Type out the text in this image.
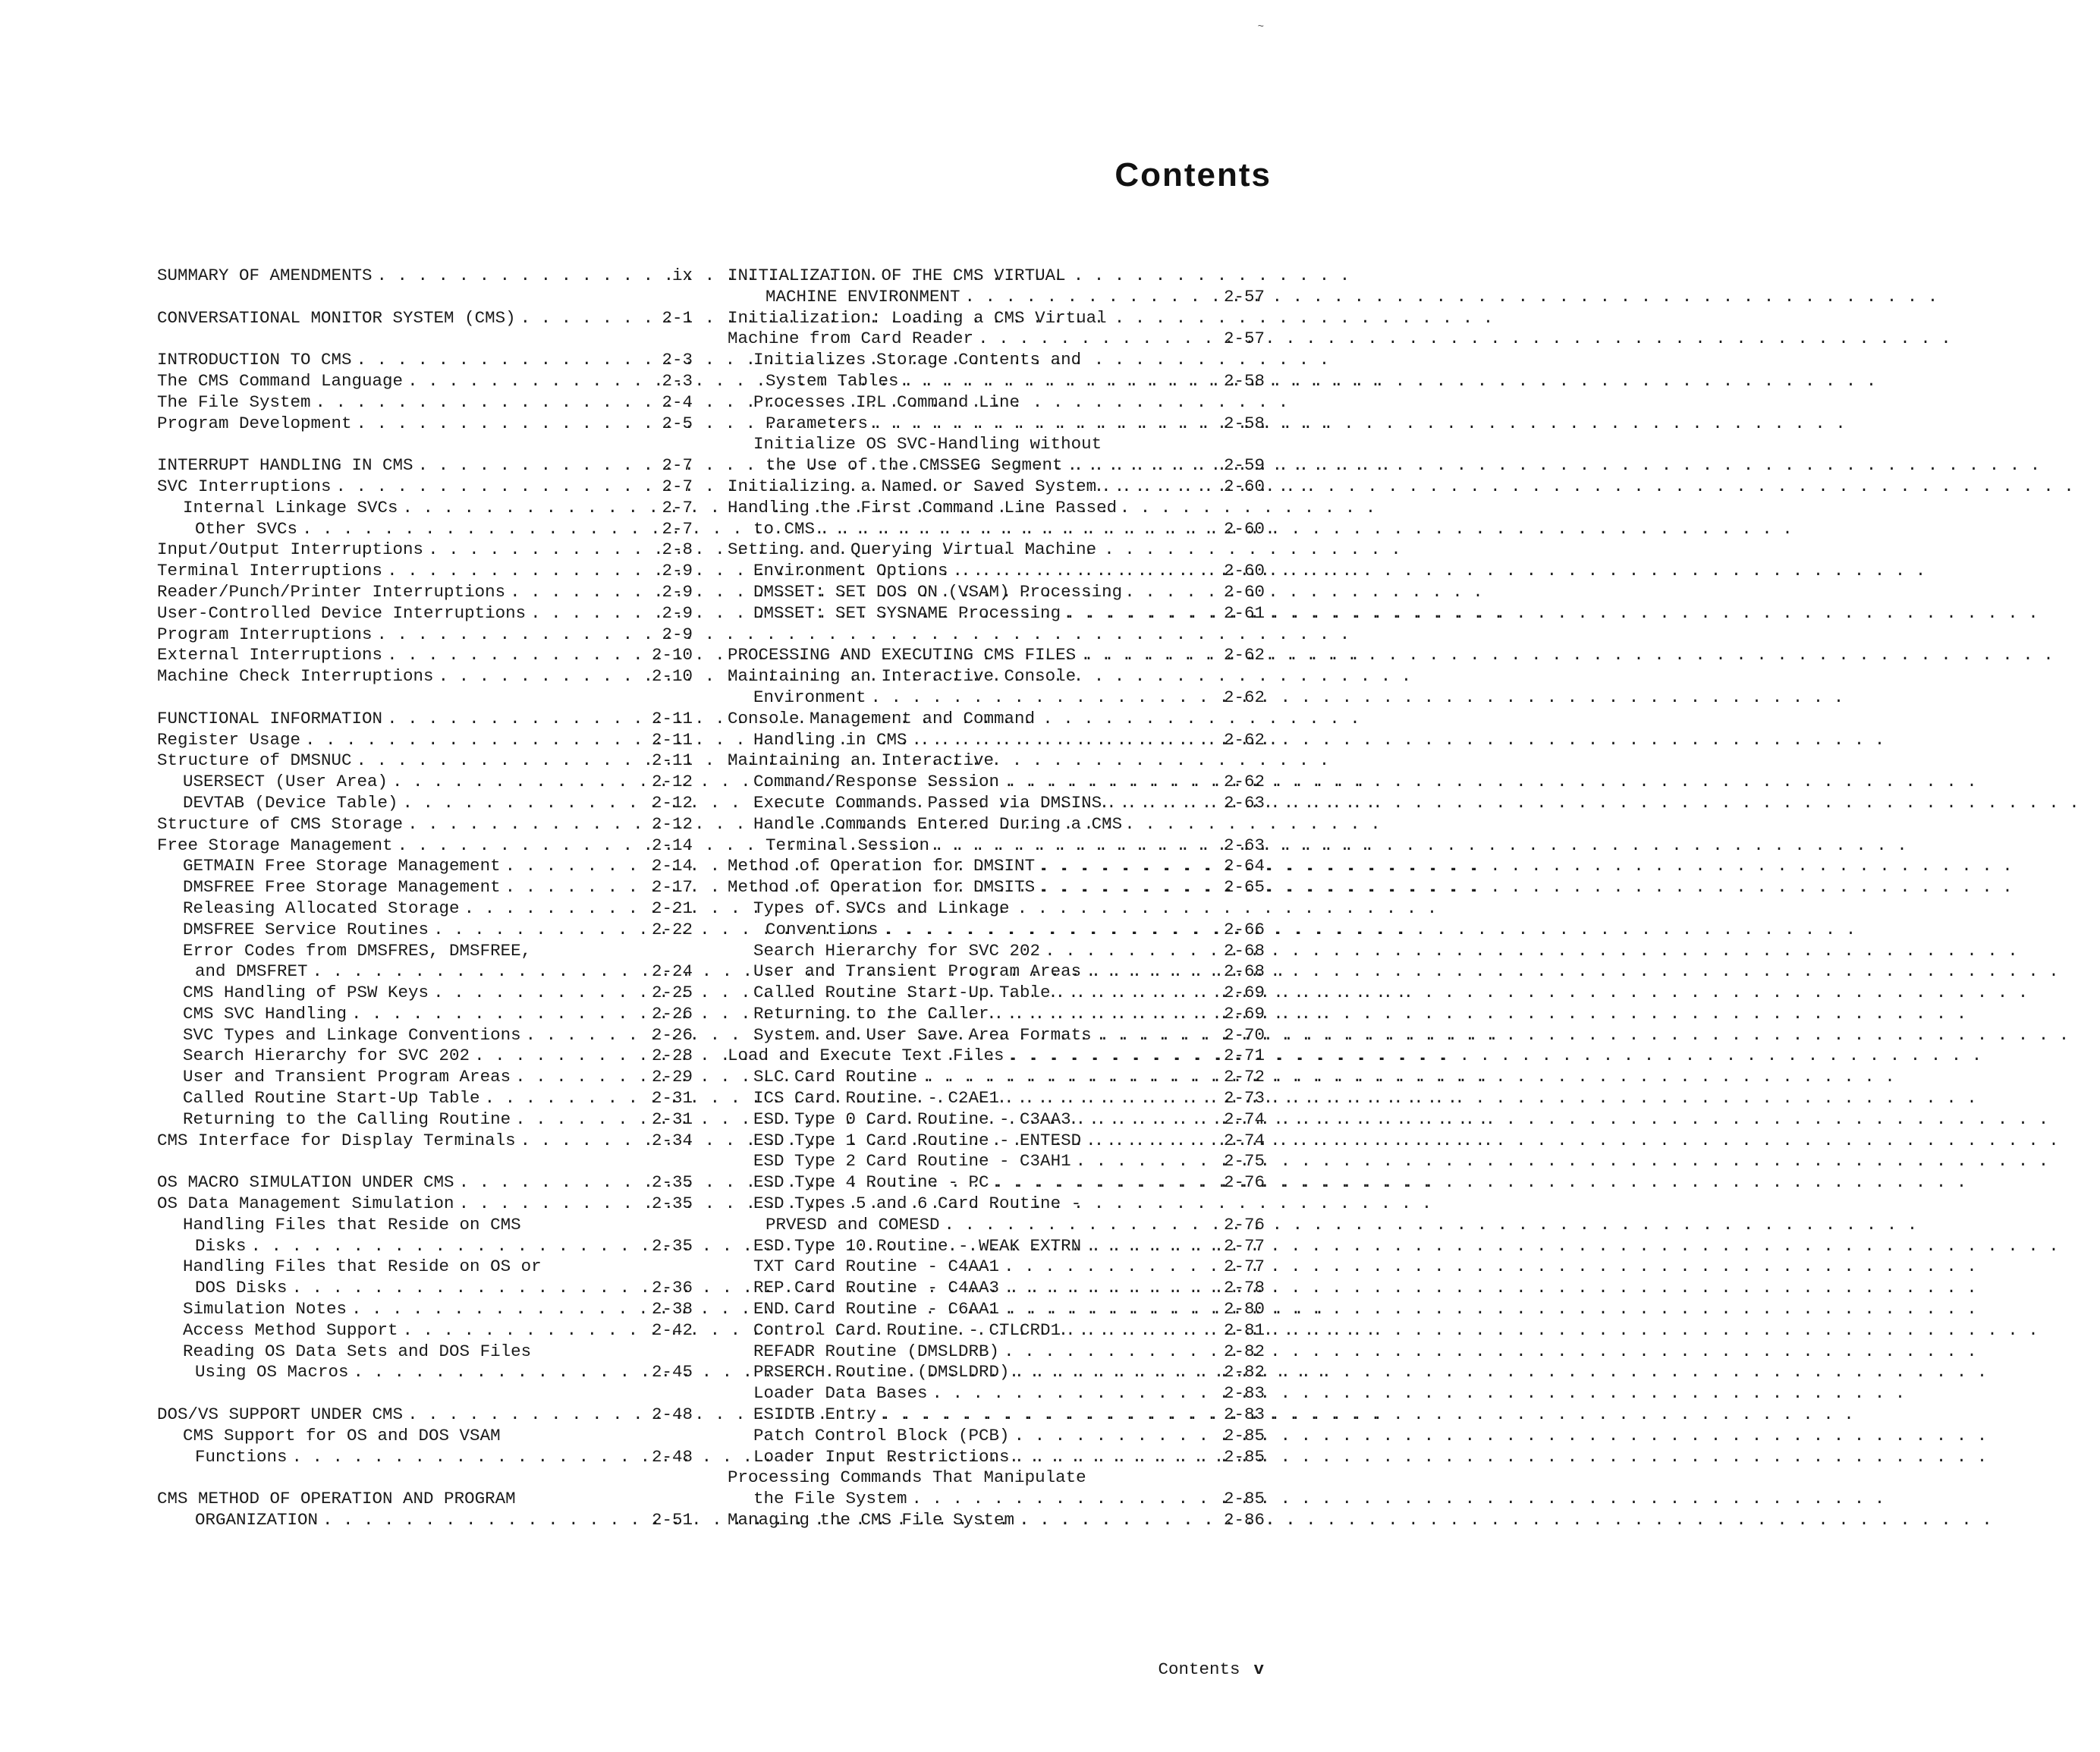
~
Contents
SUMMARY OF AMENDMENTS . . .	ix
CONVERSATIONAL MONITOR SYSTEM (CMS) . . .	2-1
INTRODUCTION TO CMS . . .	2-3
The CMS Command Language . . .	2-3
The File System . . .	2-4
Program Development . . .	2-5
INTERRUPT HANDLING IN CMS . . .	2-7
SVC Interruptions . . .	2-7
Internal Linkage SVCs . . .	2-7
Other SVCs . . .	2-7
Input/Output Interruptions . . .	2-8
Terminal Interruptions . . .	2-9
Reader/Punch/Printer Interruptions . . .	2-9
User-Controlled Device Interruptions . . .	2-9
Program Interruptions . . .	2-9
External Interruptions . . .	2-10
Machine Check Interruptions . . .	2-10
FUNCTIONAL INFORMATION . . .	2-11
Register Usage . . .	2-11
Structure of DMSNUC . . .	2-11
USERSECT (User Area) . . .	2-12
DEVTAB (Device Table) . . .	2-12
Structure of CMS Storage . . .	2-12
Free Storage Management . . .	2-14
GETMAIN Free Storage Management . . .	2-14
DMSFREE Free Storage Management . . .	2-17
Releasing Allocated Storage . . .	2-21
DMSFREE Service Routines . . .	2-22
Error Codes from DMSFRES, DMSFREE,
and DMSFRET . . .	2-24
CMS Handling of PSW Keys . . .	2-25
CMS SVC Handling . . .	2-26
SVC Types and Linkage Conventions . . .	2-26
Search Hierarchy for SVC 202 . . .	2-28
User and Transient Program Areas . . .	2-29
Called Routine Start-Up Table . . .	2-31
Returning to the Calling Routine . . .	2-31
CMS Interface for Display Terminals . . .	2-34
OS MACRO SIMULATION UNDER CMS . . .	2-35
OS Data Management Simulation . . .	2-35
Handling Files that Reside on CMS
Disks . . .	2-35
Handling Files that Reside on OS or
DOS Disks . . .	2-36
Simulation Notes . . .	2-38
Access Method Support . . .	2-42
Reading OS Data Sets and DOS Files
Using OS Macros . . .	2-45
DOS/VS SUPPORT UNDER CMS . . .	2-48
CMS Support for OS and DOS VSAM
Functions . . .	2-48
CMS METHOD OF OPERATION AND PROGRAM
ORGANIZATION . . .	2-51
INITIALIZATION OF THE CMS VIRTUAL
MACHINE ENVIRONMENT . . .	2-57
Initialization: Loading a CMS Virtual
Machine from Card Reader . . .	2-57
Initializes Storage Contents and
System Tables . . .	2-58
Processes IPL Command Line
Parameters . . .	2-58
Initialize OS SVC-Handling without
the Use of the CMSSEG Segment . . .	2-59
Initializing a Named or Saved System . . .	2-60
Handling the First Command Line Passed
to CMS . . .	2-60
Setting and Querying Virtual Machine
Environment Options . . .	2-60
DMSSET: SET DOS ON (VSAM) Processing	2-60
DMSSET: SET SYSNAME Processing . . .	2-61
PROCESSING AND EXECUTING CMS FILES . . .	2-62
Maintaining an Interactive Console
Environment . . .	2-62
Console Management and Command
Handling in CMS . . .	2-62
Maintaining an Interactive
Command/Response Session . . .	2-62
Execute Commands Passed via DMSINS . . .	2-63
Handle Commands Entered During a CMS
Terminal Session . . .	2-63
Method of Operation for DMSINT . . .	2-64
Method of Operation for DMSITS . . .	2-65
Types of SVCs and Linkage
Conventions . . .	2-66
Search Hierarchy for SVC 202 . . .	2-68
User and Transient Program Areas . . .	2-68
Called Routine Start-Up Table . . .	2-69
Returning to the Caller . . .	2-69
System and User Save Area Formats . . .	2-70
Load and Execute Text Files . . .	2-71
SLC Card Routine . . .	2-72
ICS Card Routine - C2AE1 . . .	2-73
ESD Type 0 Card Routine - C3AA3 . . .	2-74
ESD Type 1 Card Routine - ENTESD . . .	2-74
ESD Type 2 Card Routine - C3AH1 . . .	2-75
ESD Type 4 Routine - PC . . .	2-76
ESD Types 5 and 6 Card Routine -
PRVESD and COMESD . . .	2-76
ESD Type 10 Routine - WEAK EXTRN . . .	2-77
TXT Card Routine - C4AA1 . . .	2-77
REP Card Routine - C4AA3 . . .	2-78
END Card Routine - C6AA1 . . .	2-80
Control Card Routine - CTLCRD1 . . .	2-81
REFADR Routine (DMSLDRB) . . .	2-82
PRSERCH Routine (DMSLDRD) . . .	2-82
Loader Data Bases . . .	2-83
ESIDTB Entry . . .	2-83
Patch Control Block (PCB) . . .	2-85
Loader Input Restrictions . . .	2-85
Processing Commands That Manipulate
the File System . . .	2-85
Managing the CMS File System . . .	2-86
Contents v
